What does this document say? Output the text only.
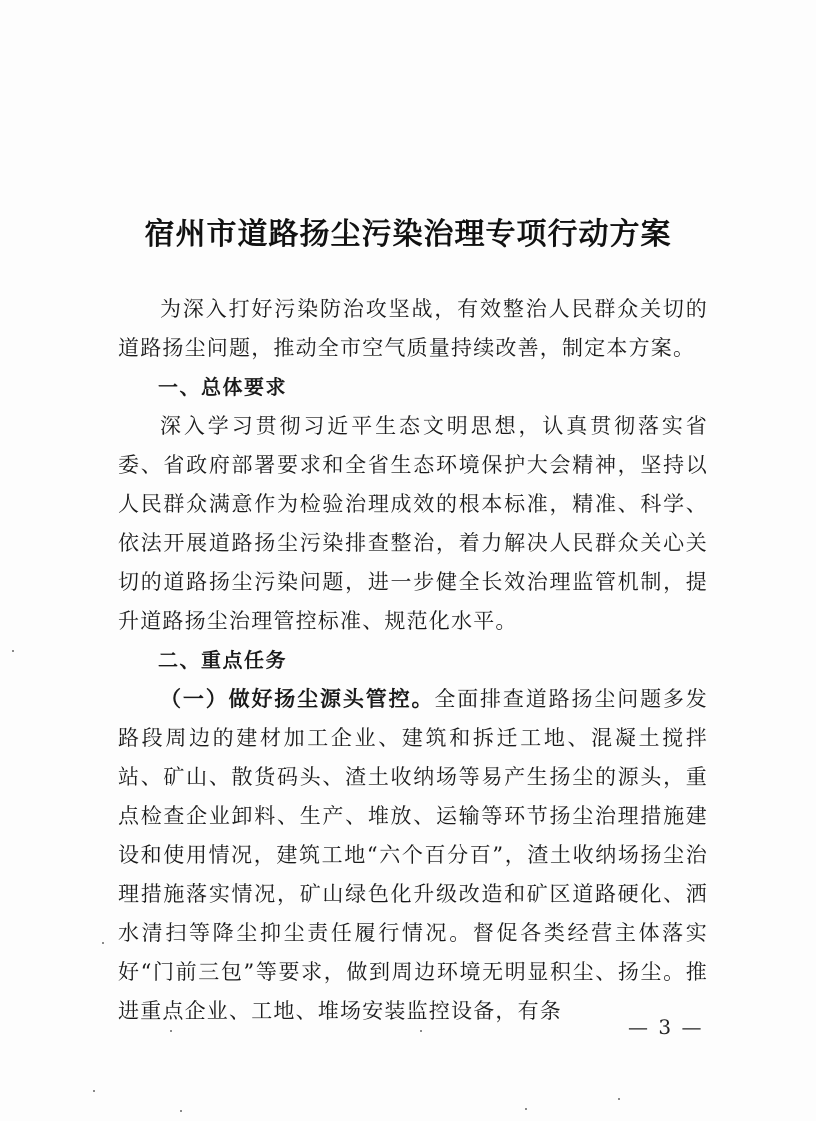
宿州市道路扬尘污染治理专项行动方案

为深入打好污染防治攻坚战，有效整治人民群众关切的道路扬尘问题，推动全市空气质量持续改善，制定本方案。

一、总体要求

深入学习贯彻习近平生态文明思想，认真贯彻落实省委、省政府部署要求和全省生态环境保护大会精神，坚持以人民群众满意作为检验治理成效的根本标准，精准、科学、依法开展道路扬尘污染排查整治，着力解决人民群众关心关切的道路扬尘污染问题，进一步健全长效治理监管机制，提升道路扬尘治理管控标准、规范化水平。

二、重点任务

（一）做好扬尘源头管控。全面排查道路扬尘问题多发路段周边的建材加工企业、建筑和拆迁工地、混凝土搅拌站、矿山、散货码头、渣土收纳场等易产生扬尘的源头，重点检查企业卸料、生产、堆放、运输等环节扬尘治理措施建设和使用情况，建筑工地“六个百分百”，渣土收纳场扬尘治理措施落实情况，矿山绿色化升级改造和矿区道路硬化、洒水清扫等降尘抑尘责任履行情况。督促各类经营主体落实好“门前三包”等要求，做到周边环境无明显积尘、扬尘。推进重点企业、工地、堆场安装监控设备，有条

— 3 —
